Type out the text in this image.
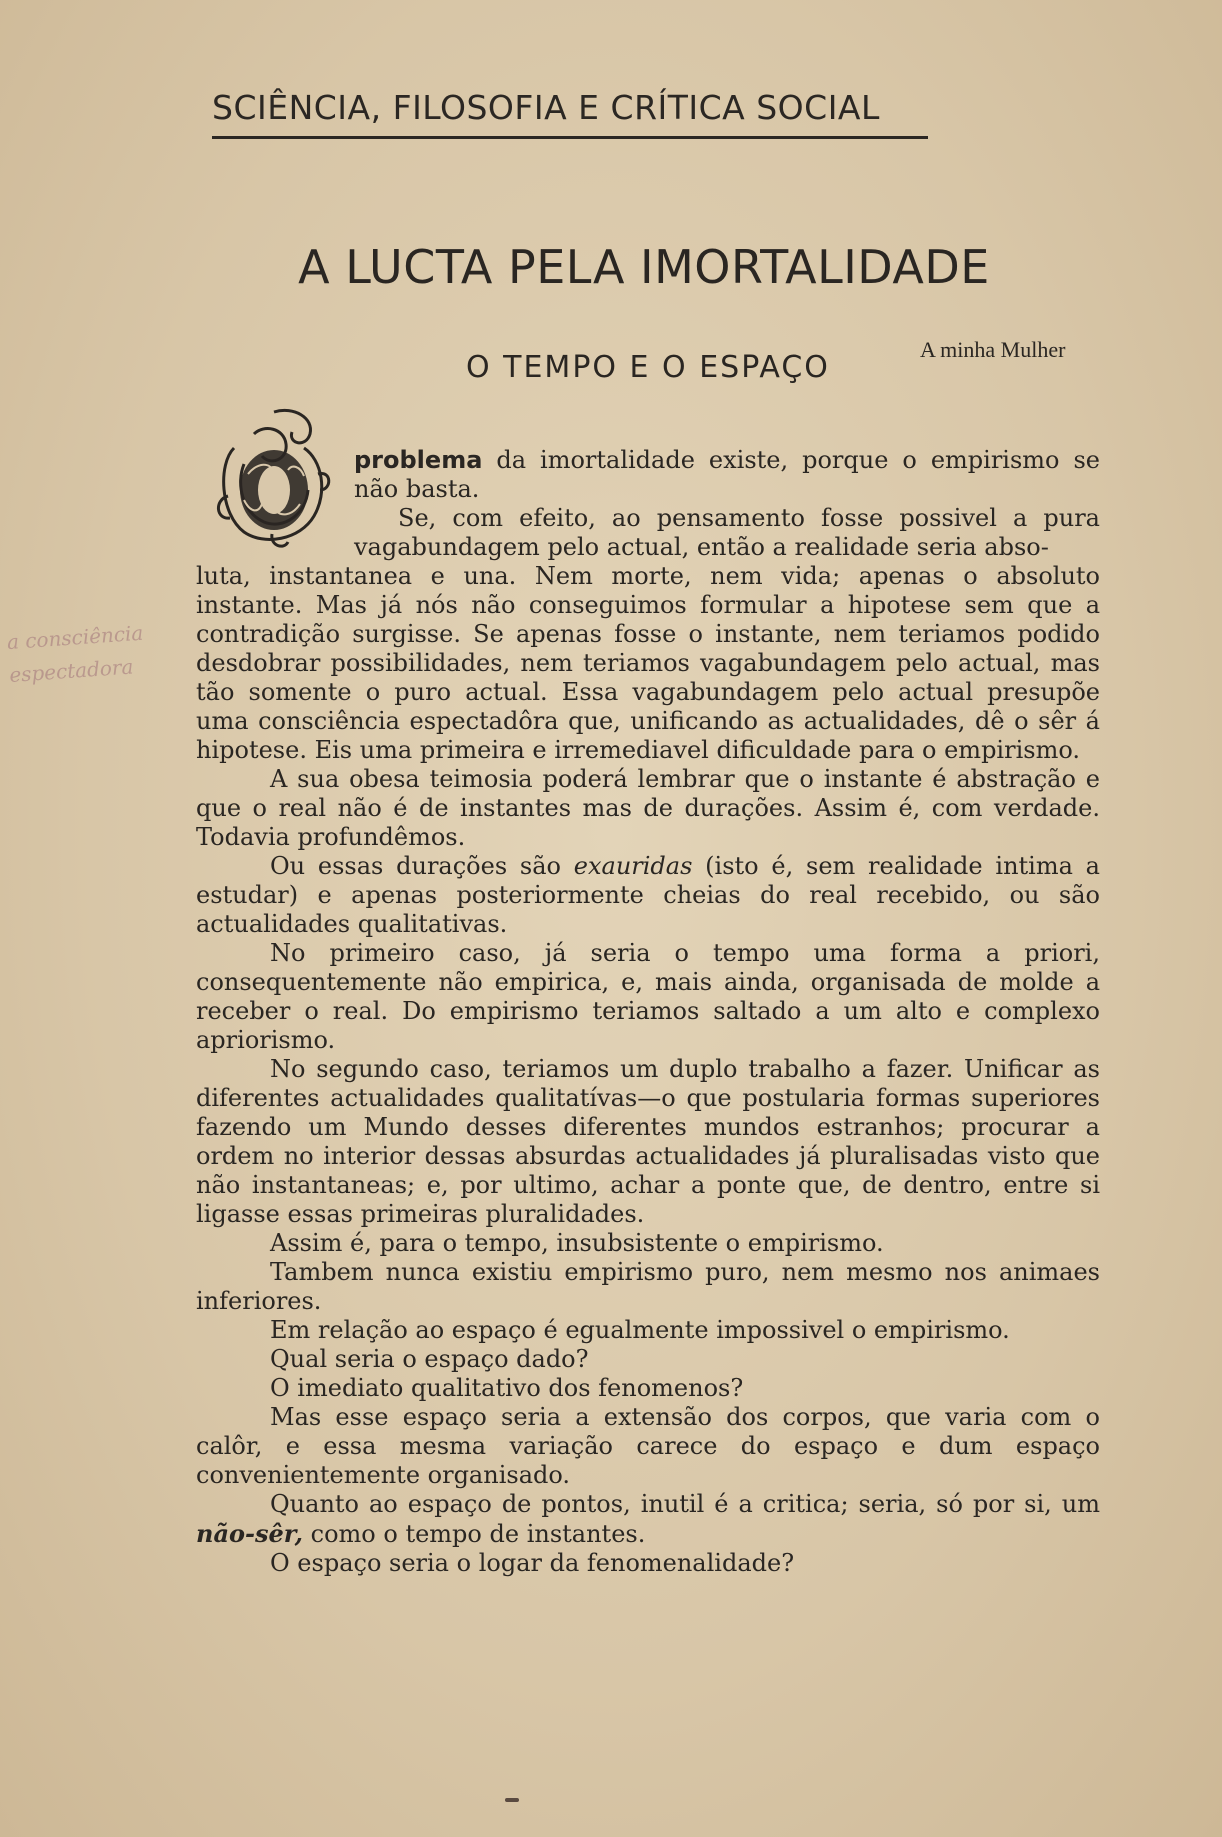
SCIÊNCIA, FILOSOFIA E CRÍTICA SOCIAL
A LUCTA PELA IMORTALIDADE
O TEMPO E O ESPAÇO
A minha Mulher

problema da imortalidade existe, porque o empirismo se não basta.

Se, com efeito, ao pensamento fosse possivel a pura vagabundagem pelo actual, então a realidade seria abso-
luta, instantanea e una. Nem morte, nem vida; apenas o absoluto instante. Mas já nós não conseguimos formular a hipotese sem que a contradição surgisse. Se apenas fosse o instante, nem teriamos podido desdobrar possibilidades, nem teriamos vagabundagem pelo actual, mas tão somente o puro actual. Essa vagabundagem pelo actual presupõe uma consciência espectadôra que, unificando as actualidades, dê o sêr á hipotese. Eis uma primeira e irremediavel dificuldade para o empirismo.

A sua obesa teimosia poderá lembrar que o instante é abstração e que o real não é de instantes mas de durações. Assim é, com verdade. Todavia profundêmos.

Ou essas durações são exauridas (isto é, sem realidade intima a estudar) e apenas posteriormente cheias do real recebido, ou são actualidades qualitativas.

No primeiro caso, já seria o tempo uma forma a priori, consequentemente não empirica, e, mais ainda, organisada de molde a receber o real. Do empirismo teriamos saltado a um alto e complexo apriorismo.

No segundo caso, teriamos um duplo trabalho a fazer. Unificar as diferentes actualidades qualitatívas—o que postularia formas superiores fazendo um Mundo desses diferentes mundos estranhos; procurar a ordem no interior dessas absurdas actualidades já pluralisadas visto que não instantaneas; e, por ultimo, achar a ponte que, de dentro, entre si ligasse essas primeiras pluralidades.

Assim é, para o tempo, insubsistente o empirismo.

Tambem nunca existiu empirismo puro, nem mesmo nos animaes inferiores.

Em relação ao espaço é egualmente impossivel o empirismo.

Qual seria o espaço dado?

O imediato qualitativo dos fenomenos?

Mas esse espaço seria a extensão dos corpos, que varia com o calôr, e essa mesma variação carece do espaço e dum espaço convenientemente organisado.

Quanto ao espaço de pontos, inutil é a critica; seria, só por si, um não-sêr, como o tempo de instantes.

O espaço seria o logar da fenomenalidade?

a consciência espectadora
